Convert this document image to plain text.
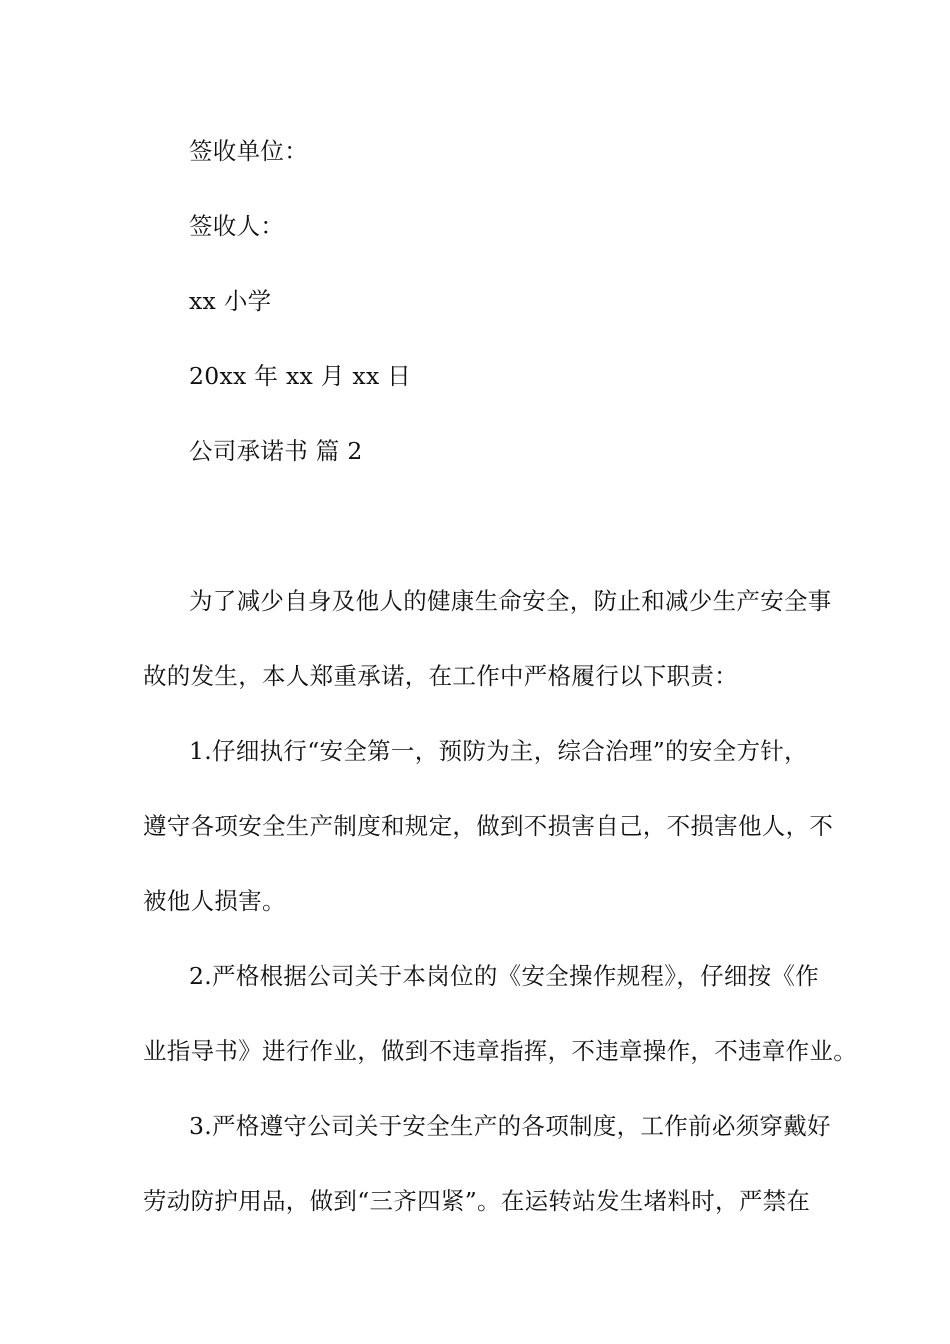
签收单位：
签收人：
xx 小学
20xx 年 xx 月 xx 日
公司承诺书 篇 2
为了减少自身及他人的健康生命安全，防止和减少生产安全事
故的发生，本人郑重承诺，在工作中严格履行以下职责：
1.仔细执行“安全第一，预防为主，综合治理”的安全方针，
遵守各项安全生产制度和规定，做到不损害自己，不损害他人，不
被他人损害。
2.严格根据公司关于本岗位的《安全操作规程》，仔细按《作
业指导书》进行作业，做到不违章指挥，不违章操作，不违章作业。
3.严格遵守公司关于安全生产的各项制度，工作前必须穿戴好
劳动防护用品，做到“三齐四紧”。在运转站发生堵料时，严禁在
